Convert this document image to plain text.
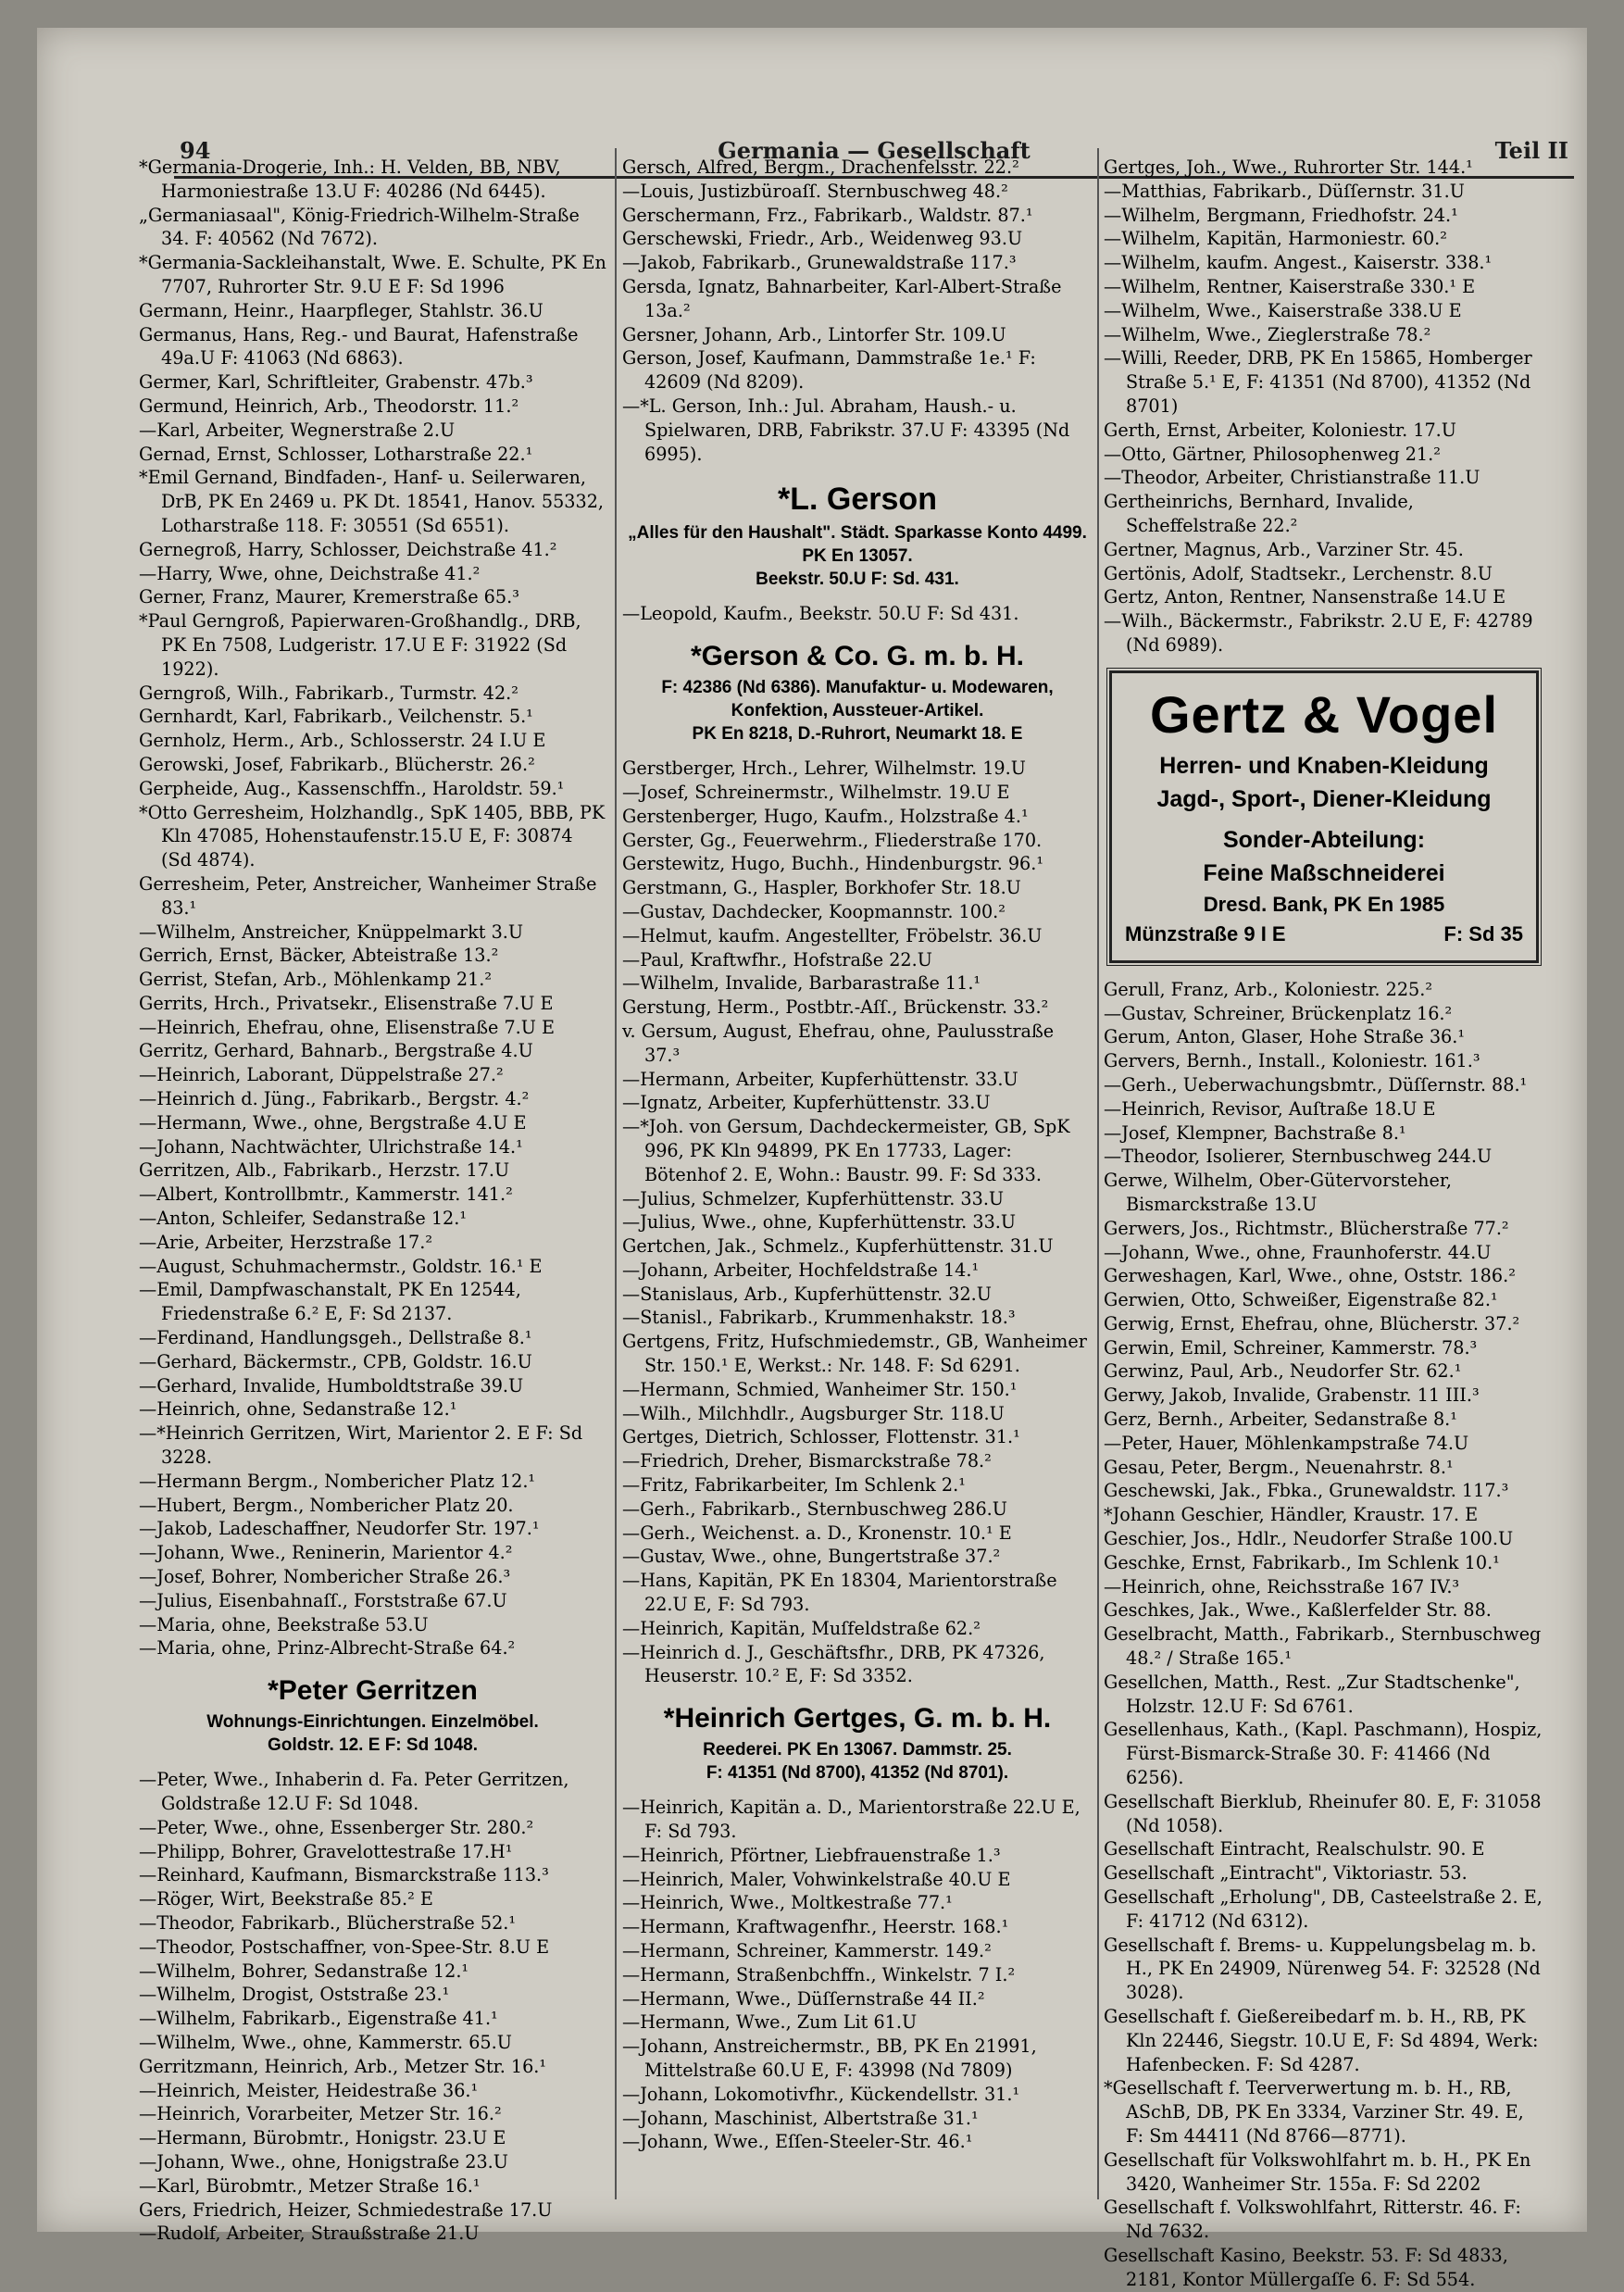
94	Germania — Gesellschaft	Teil II
*Germania-Drogerie, Inh.: H. Velden, BB, NBV, Harmoniestraße 13.U F: 40286 (Nd 6445).
„Germaniasaal", König-Friedrich-Wilhelm-Straße 34. F: 40562 (Nd 7672).
*Germania-Sackleihanstalt, Wwe. E. Schulte, PK En 7707, Ruhrorter Str. 9.U E F: Sd 1996
Germann, Heinr., Haarpfleger, Stahlstr. 36.U
Germanus, Hans, Reg.- und Baurat, Hafenstraße 49a.U F: 41063 (Nd 6863).
Germer, Karl, Schriftleiter, Grabenstr. 47b.³
Germund, Heinrich, Arb., Theodorstr. 11.²
—Karl, Arbeiter, Wegnerstraße 2.U
Gernad, Ernst, Schlosser, Lotharstraße 22.¹
*Emil Gernand, Bindfaden-, Hanf- u. Seilerwaren, DrB, PK En 2469 u. PK Dt. 18541, Hanov. 55332, Lotharstraße 118. F: 30551 (Sd 6551).
Gernegroß, Harry, Schlosser, Deichstraße 41.²
—Harry, Wwe, ohne, Deichstraße 41.²
Gerner, Franz, Maurer, Kremerstraße 65.³
*Paul Gerngroß, Papierwaren-Großhandlg., DRB, PK En 7508, Ludgeristr. 17.U E F: 31922 (Sd 1922).
Gerngroß, Wilh., Fabrikarb., Turmstr. 42.²
Gernhardt, Karl, Fabrikarb., Veilchenstr. 5.¹
Gernholz, Herm., Arb., Schlosserstr. 24 I.U E
Gerowski, Josef, Fabrikarb., Blücherstr. 26.²
Gerpheide, Aug., Kassenschffn., Haroldstr. 59.¹
*Otto Gerresheim, Holzhandlg., SpK 1405, BBB, PK Kln 47085, Hohenstaufenstr.15.U E, F: 30874 (Sd 4874).
Gerresheim, Peter, Anstreicher, Wanheimer Straße 83.¹
—Wilhelm, Anstreicher, Knüppelmarkt 3.U
Gerrich, Ernst, Bäcker, Abteistraße 13.²
Gerrist, Stefan, Arb., Möhlenkamp 21.²
Gerrits, Hrch., Privatsekr., Elisenstraße 7.U E
—Heinrich, Ehefrau, ohne, Elisenstraße 7.U E
Gerritz, Gerhard, Bahnarb., Bergstraße 4.U
—Heinrich, Laborant, Düppelstraße 27.²
—Heinrich d. Jüng., Fabrikarb., Bergstr. 4.²
—Hermann, Wwe., ohne, Bergstraße 4.U E
—Johann, Nachtwächter, Ulrichstraße 14.¹
Gerritzen, Alb., Fabrikarb., Herzstr. 17.U
—Albert, Kontrollbmtr., Kammerstr. 141.²
—Anton, Schleifer, Sedanstraße 12.¹
—Arie, Arbeiter, Herzstraße 17.²
—August, Schuhmachermstr., Goldstr. 16.¹ E
—Emil, Dampfwaschanstalt, PK En 12544, Friedenstraße 6.² E, F: Sd 2137.
—Ferdinand, Handlungsgeh., Dellstraße 8.¹
—Gerhard, Bäckermstr., CPB, Goldstr. 16.U
—Gerhard, Invalide, Humboldtstraße 39.U
—Heinrich, ohne, Sedanstraße 12.¹
—*Heinrich Gerritzen, Wirt, Marientor 2. E F: Sd 3228.
—Hermann Bergm., Nombericher Platz 12.¹
—Hubert, Bergm., Nombericher Platz 20.
—Jakob, Ladeschaffner, Neudorfer Str. 197.¹
—Johann, Wwe., Reninerin, Marientor 4.²
—Josef, Bohrer, Nombericher Straße 26.³
—Julius, Eisenbahnaſſ., Forststraße 67.U
—Maria, ohne, Beekstraße 53.U
—Maria, ohne, Prinz-Albrecht-Straße 64.²
*Peter Gerritzen
Wohnungs-Einrichtungen. Einzelmöbel.
Goldstr. 12. E F: Sd 1048.
—Peter, Wwe., Inhaberin d. Fa. Peter Gerritzen, Goldstraße 12.U F: Sd 1048.
—Peter, Wwe., ohne, Essenberger Str. 280.²
—Philipp, Bohrer, Gravelottestraße 17.H¹
—Reinhard, Kaufmann, Bismarckstraße 113.³
—Röger, Wirt, Beekstraße 85.² E
—Theodor, Fabrikarb., Blücherstraße 52.¹
—Theodor, Postschaffner, von-Spee-Str. 8.U E
—Wilhelm, Bohrer, Sedanstraße 12.¹
—Wilhelm, Drogist, Oststraße 23.¹
—Wilhelm, Fabrikarb., Eigenstraße 41.¹
—Wilhelm, Wwe., ohne, Kammerstr. 65.U
Gerritzmann, Heinrich, Arb., Metzer Str. 16.¹
—Heinrich, Meister, Heidestraße 36.¹
—Heinrich, Vorarbeiter, Metzer Str. 16.²
—Hermann, Bürobmtr., Honigstr. 23.U E
—Johann, Wwe., ohne, Honigstraße 23.U
—Karl, Bürobmtr., Metzer Straße 16.¹
Gers, Friedrich, Heizer, Schmiedestraße 17.U
—Rudolf, Arbeiter, Straußstraße 21.U
Gersch, Alfred, Bergm., Drachenfelsstr. 22.²
—Louis, Justizbüroaſſ. Sternbuschweg 48.²
Gerschermann, Frz., Fabrikarb., Waldstr. 87.¹
Gerschewski, Friedr., Arb., Weidenweg 93.U
—Jakob, Fabrikarb., Grunewaldstraße 117.³
Gersda, Ignatz, Bahnarbeiter, Karl-Albert-Straße 13a.²
Gersner, Johann, Arb., Lintorfer Str. 109.U
Gerson, Josef, Kaufmann, Dammstraße 1e.¹ F: 42609 (Nd 8209).
—*L. Gerson, Inh.: Jul. Abraham, Haush.- u. Spielwaren, DRB, Fabrikstr. 37.U F: 43395 (Nd 6995).
*L. Gerson
„Alles für den Haushalt". Städt. Sparkasse Konto 4499. PK En 13057.
Beekstr. 50.U F: Sd. 431.
—Leopold, Kaufm., Beekstr. 50.U F: Sd 431.
*Gerson & Co. G. m. b. H.
F: 42386 (Nd 6386). Manufaktur- u. Modewaren, Konfektion, Aussteuer-Artikel.
PK En 8218, D.-Ruhrort, Neumarkt 18. E
Gerstberger, Hrch., Lehrer, Wilhelmstr. 19.U
—Josef, Schreinermstr., Wilhelmstr. 19.U E
Gerstenberger, Hugo, Kaufm., Holzstraße 4.¹
Gerster, Gg., Feuerwehrm., Fliederstraße 170.
Gerstewitz, Hugo, Buchh., Hindenburgstr. 96.¹
Gerstmann, G., Haspler, Borkhofer Str. 18.U
—Gustav, Dachdecker, Koopmannstr. 100.²
—Helmut, kaufm. Angestellter, Fröbelstr. 36.U
—Paul, Kraftwfhr., Hofstraße 22.U
—Wilhelm, Invalide, Barbarastraße 11.¹
Gerstung, Herm., Postbtr.-Aſſ., Brückenstr. 33.²
v. Gersum, August, Ehefrau, ohne, Paulusstraße 37.³
—Hermann, Arbeiter, Kupferhüttenstr. 33.U
—Ignatz, Arbeiter, Kupferhüttenstr. 33.U
—*Joh. von Gersum, Dachdeckermeister, GB, SpK 996, PK Kln 94899, PK En 17733, Lager: Bötenhof 2. E, Wohn.: Baustr. 99. F: Sd 333.
—Julius, Schmelzer, Kupferhüttenstr. 33.U
—Julius, Wwe., ohne, Kupferhüttenstr. 33.U
Gertchen, Jak., Schmelz., Kupferhüttenstr. 31.U
—Johann, Arbeiter, Hochfeldstraße 14.¹
—Stanislaus, Arb., Kupferhüttenstr. 32.U
—Stanisl., Fabrikarb., Krummenhakstr. 18.³
Gertgens, Fritz, Hufschmiedemstr., GB, Wanheimer Str. 150.¹ E, Werkst.: Nr. 148. F: Sd 6291.
—Hermann, Schmied, Wanheimer Str. 150.¹
—Wilh., Milchhdlr., Augsburger Str. 118.U
Gertges, Dietrich, Schlosser, Flottenstr. 31.¹
—Friedrich, Dreher, Bismarckstraße 78.²
—Fritz, Fabrikarbeiter, Im Schlenk 2.¹
—Gerh., Fabrikarb., Sternbuschweg 286.U
—Gerh., Weichenst. a. D., Kronenstr. 10.¹ E
—Gustav, Wwe., ohne, Bungertstraße 37.²
—Hans, Kapitän, PK En 18304, Marientorstraße 22.U E, F: Sd 793.
—Heinrich, Kapitän, Muſfeldstraße 62.²
—Heinrich d. J., Geschäftsfhr., DRB, PK 47326, Heuserstr. 10.² E, F: Sd 3352.
*Heinrich Gertges, G. m. b. H.
Reederei. PK En 13067. Dammstr. 25.
F: 41351 (Nd 8700), 41352 (Nd 8701).
—Heinrich, Kapitän a. D., Marientorstraße 22.U E, F: Sd 793.
—Heinrich, Pförtner, Liebfrauenstraße 1.³
—Heinrich, Maler, Vohwinkelstraße 40.U E
—Heinrich, Wwe., Moltkestraße 77.¹
—Hermann, Kraftwagenfhr., Heerstr. 168.¹
—Hermann, Schreiner, Kammerstr. 149.²
—Hermann, Straßenbchffn., Winkelstr. 7 I.²
—Hermann, Wwe., Düſſernstraße 44 II.²
—Hermann, Wwe., Zum Lit 61.U
—Johann, Anstreichermstr., BB, PK En 21991, Mittelstraße 60.U E, F: 43998 (Nd 7809)
—Johann, Lokomotivfhr., Kückendellstr. 31.¹
—Johann, Maschinist, Albertstraße 31.¹
—Johann, Wwe., Eſſen-Steeler-Str. 46.¹
Gertges, Joh., Wwe., Ruhrorter Str. 144.¹
—Matthias, Fabrikarb., Düſſernstr. 31.U
—Wilhelm, Bergmann, Friedhofstr. 24.¹
—Wilhelm, Kapitän, Harmoniestr. 60.²
—Wilhelm, kaufm. Angest., Kaiserstr. 338.¹
—Wilhelm, Rentner, Kaiserstraße 330.¹ E
—Wilhelm, Wwe., Kaiserstraße 338.U E
—Wilhelm, Wwe., Zieglerstraße 78.²
—Willi, Reeder, DRB, PK En 15865, Homberger Straße 5.¹ E, F: 41351 (Nd 8700), 41352 (Nd 8701)
Gerth, Ernst, Arbeiter, Koloniestr. 17.U
—Otto, Gärtner, Philosophenweg 21.²
—Theodor, Arbeiter, Christianstraße 11.U
Gertheinrichs, Bernhard, Invalide, Scheffelstraße 22.²
Gertner, Magnus, Arb., Varziner Str. 45.
Gertönis, Adolf, Stadtsekr., Lerchenstr. 8.U
Gertz, Anton, Rentner, Nansenstraße 14.U E
—Wilh., Bäckermstr., Fabrikstr. 2.U E, F: 42789 (Nd 6989).
Gertz & Vogel
Herren- und Knaben-Kleidung
Jagd-, Sport-, Diener-Kleidung
Sonder-Abteilung:
Feine Maßschneiderei
Dresd. Bank, PK En 1985
Münzstraße 9 I E	F: Sd 35
Gerull, Franz, Arb., Koloniestr. 225.²
—Gustav, Schreiner, Brückenplatz 16.²
Gerum, Anton, Glaser, Hohe Straße 36.¹
Gervers, Bernh., Install., Koloniestr. 161.³
—Gerh., Ueberwachungsbmtr., Düſſernstr. 88.¹
—Heinrich, Revisor, Auſtraße 18.U E
—Josef, Klempner, Bachstraße 8.¹
—Theodor, Isolierer, Sternbuschweg 244.U
Gerwe, Wilhelm, Ober-Gütervorsteher, Bismarckstraße 13.U
Gerwers, Jos., Richtmstr., Blücherstraße 77.²
—Johann, Wwe., ohne, Fraunhoferstr. 44.U
Gerweshagen, Karl, Wwe., ohne, Oststr. 186.²
Gerwien, Otto, Schweißer, Eigenstraße 82.¹
Gerwig, Ernst, Ehefrau, ohne, Blücherstr. 37.²
Gerwin, Emil, Schreiner, Kammerstr. 78.³
Gerwinz, Paul, Arb., Neudorfer Str. 62.¹
Gerwy, Jakob, Invalide, Grabenstr. 11 III.³
Gerz, Bernh., Arbeiter, Sedanstraße 8.¹
—Peter, Hauer, Möhlenkampstraße 74.U
Gesau, Peter, Bergm., Neuenahrstr. 8.¹
Geschewski, Jak., Fbka., Grunewaldstr. 117.³
*Johann Geschier, Händler, Kraustr. 17. E
Geschier, Jos., Hdlr., Neudorfer Straße 100.U
Geschke, Ernst, Fabrikarb., Im Schlenk 10.¹
—Heinrich, ohne, Reichsstraße 167 IV.³
Geschkes, Jak., Wwe., Kaßlerfelder Str. 88.
Geselbracht, Matth., Fabrikarb., Sternbuschweg 48.² / Straße 165.¹
Gesellchen, Matth., Rest. „Zur Stadtschenke", Holzstr. 12.U F: Sd 6761.
Gesellenhaus, Kath., (Kapl. Paschmann), Hospiz, Fürst-Bismarck-Straße 30. F: 41466 (Nd 6256).
Gesellschaft Bierklub, Rheinufer 80. E, F: 31058 (Nd 1058).
Gesellschaft Eintracht, Realschulstr. 90. E
Gesellschaft „Eintracht", Viktoriastr. 53.
Gesellschaft „Erholung", DB, Casteelstraße 2. E, F: 41712 (Nd 6312).
Gesellschaft f. Brems- u. Kuppelungsbelag m. b. H., PK En 24909, Nürenweg 54. F: 32528 (Nd 3028).
Gesellschaft f. Gießereibedarf m. b. H., RB, PK Kln 22446, Siegstr. 10.U E, F: Sd 4894, Werk: Hafenbecken. F: Sd 4287.
*Gesellschaft f. Teerverwertung m. b. H., RB, ASchB, DB, PK En 3334, Varziner Str. 49. E, F: Sm 44411 (Nd 8766—8771).
Gesellschaft für Volkswohlfahrt m. b. H., PK En 3420, Wanheimer Str. 155a. F: Sd 2202
Gesellschaft f. Volkswohlfahrt, Ritterstr. 46. F: Nd 7632.
Gesellschaft Kasino, Beekstr. 53. F: Sd 4833, 2181, Kontor Müllergaſſe 6. F: Sd 554.
